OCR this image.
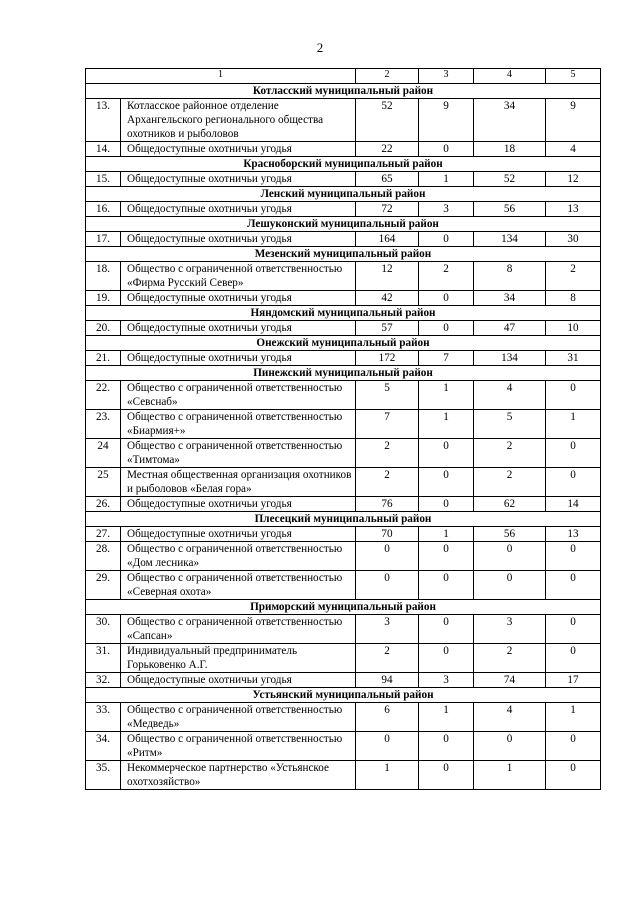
2
1		2	3	4	5
Котласский муниципальный район					
13.	Котласское районное отделение Архангельского регионального общества охотников и рыболовов	52	9	34	9
14.	Общедоступные охотничьи угодья	22	0	18	4
Красноборский муниципальный район					
15.	Общедоступные охотничьи угодья	65	1	52	12
Ленский муниципальный район					
16.	Общедоступные охотничьи угодья	72	3	56	13
Лешуконский муниципальный район					
17.	Общедоступные охотничьи угодья	164	0	134	30
Мезенский муниципальный район					
18.	Общество с ограниченной ответственностью «Фирма Русский Север»	12	2	8	2
19.	Общедоступные охотничьи угодья	42	0	34	8
Няндомский муниципальный район					
20.	Общедоступные охотничьи угодья	57	0	47	10
Онежский муниципальный район					
21.	Общедоступные охотничьи угодья	172	7	134	31
Пинежский муниципальный район					
22.	Общество с ограниченной ответственностью «Севснаб»	5	1	4	0
23.	Общество с ограниченной ответственностью «Биармия+»	7	1	5	1
24	Общество с ограниченной ответственностью «Тимтома»	2	0	2	0
25	Местная общественная организация охотников и рыболовов «Белая гора»	2	0	2	0
26.	Общедоступные охотничьи угодья	76	0	62	14
Плесецкий муниципальный район					
27.	Общедоступные охотничьи угодья	70	1	56	13
28.	Общество с ограниченной ответственностью «Дом лесника»	0	0	0	0
29.	Общество с ограниченной ответственностью «Северная охота»	0	0	0	0
Приморский муниципальный район					
30.	Общество с ограниченной ответственностью «Сапсан»	3	0	3	0
31.	Индивидуальный предприниматель Горьковенко А.Г.	2	0	2	0
32.	Общедоступные охотничьи угодья	94	3	74	17
Устьянский муниципальный район					
33.	Общество с ограниченной ответственностью «Медведь»	6	1	4	1
34.	Общество с ограниченной ответственностью «Ритм»	0	0	0	0
35.	Некоммерческое партнерство «Устьянское охотхозяйство»	1	0	1	0
